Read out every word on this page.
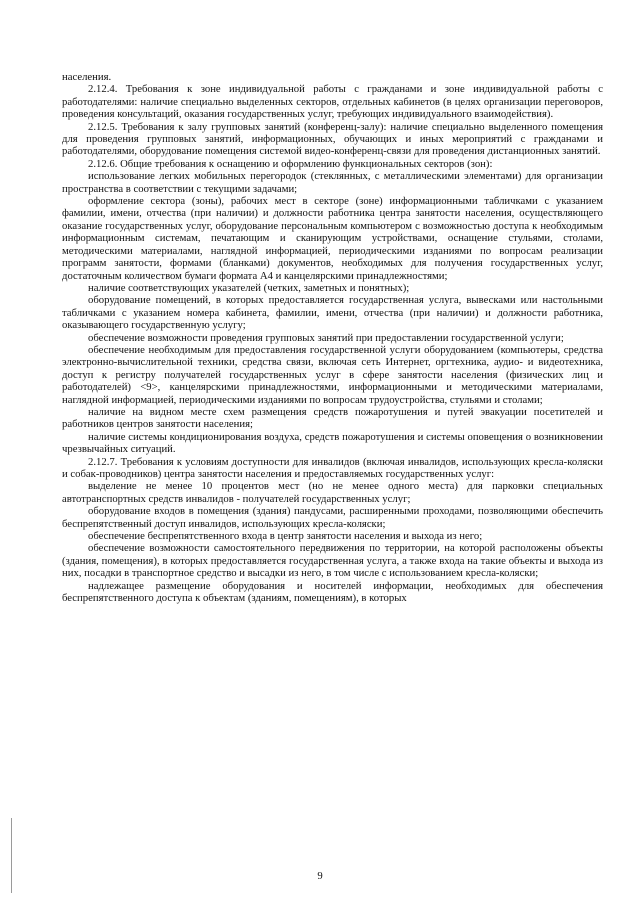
населения.

2.12.4. Требования к зоне индивидуальной работы с гражданами и зоне индивидуальной работы с работодателями: наличие специально выделенных секторов, отдельных кабинетов (в целях организации переговоров, проведения консультаций, оказания государственных услуг, требующих индивидуального взаимодействия).

2.12.5. Требования к залу групповых занятий (конференц-залу): наличие специально выделенного помещения для проведения групповых занятий, информационных, обучающих и иных мероприятий с гражданами и работодателями, оборудование помещения системой видео-конференц-связи для проведения дистанционных занятий.

2.12.6. Общие требования к оснащению и оформлению функциональных секторов (зон):

использование легких мобильных перегородок (стеклянных, с металлическими элементами) для организации пространства в соответствии с текущими задачами;

оформление сектора (зоны), рабочих мест в секторе (зоне) информационными табличками с указанием фамилии, имени, отчества (при наличии) и должности работника центра занятости населения, осуществляющего оказание государственных услуг, оборудование персональным компьютером с возможностью доступа к необходимым информационным системам, печатающим и сканирующим устройствами, оснащение стульями, столами, методическими материалами, наглядной информацией, периодическими изданиями по вопросам реализации программ занятости, формами (бланками) документов, необходимых для получения государственных услуг, достаточным количеством бумаги формата А4 и канцелярскими принадлежностями;

наличие соответствующих указателей (четких, заметных и понятных);

оборудование помещений, в которых предоставляется государственная услуга, вывесками или настольными табличками с указанием номера кабинета, фамилии, имени, отчества (при наличии) и должности работника, оказывающего государственную услугу;

обеспечение возможности проведения групповых занятий при предоставлении государственной услуги;

обеспечение необходимым для предоставления государственной услуги оборудованием (компьютеры, средства электронно-вычислительной техники, средства связи, включая сеть Интернет, оргтехника, аудио- и видеотехника, доступ к регистру получателей государственных услуг в сфере занятости населения (физических лиц и работодателей) <9>, канцелярскими принадлежностями, информационными и методическими материалами, наглядной информацией, периодическими изданиями по вопросам трудоустройства, стульями и столами;

наличие на видном месте схем размещения средств пожаротушения и путей эвакуации посетителей и работников центров занятости населения;

наличие системы кондиционирования воздуха, средств пожаротушения и системы оповещения о возникновении чрезвычайных ситуаций.

2.12.7. Требования к условиям доступности для инвалидов (включая инвалидов, использующих кресла-коляски и собак-проводников) центра занятости населения и предоставляемых государственных услуг:

выделение не менее 10 процентов мест (но не менее одного места) для парковки специальных автотранспортных средств инвалидов - получателей государственных услуг;

оборудование входов в помещения (здания) пандусами, расширенными проходами, позволяющими обеспечить беспрепятственный доступ инвалидов, использующих кресла-коляски;

обеспечение беспрепятственного входа в центр занятости населения и выхода из него;

обеспечение возможности самостоятельного передвижения по территории, на которой расположены объекты (здания, помещения), в которых предоставляется государственная услуга, а также входа на такие объекты и выхода из них, посадки в транспортное средство и высадки из него, в том числе с использованием кресла-коляски;

надлежащее размещение оборудования и носителей информации, необходимых для обеспечения беспрепятственного доступа к объектам (зданиям, помещениям), в которых

9
